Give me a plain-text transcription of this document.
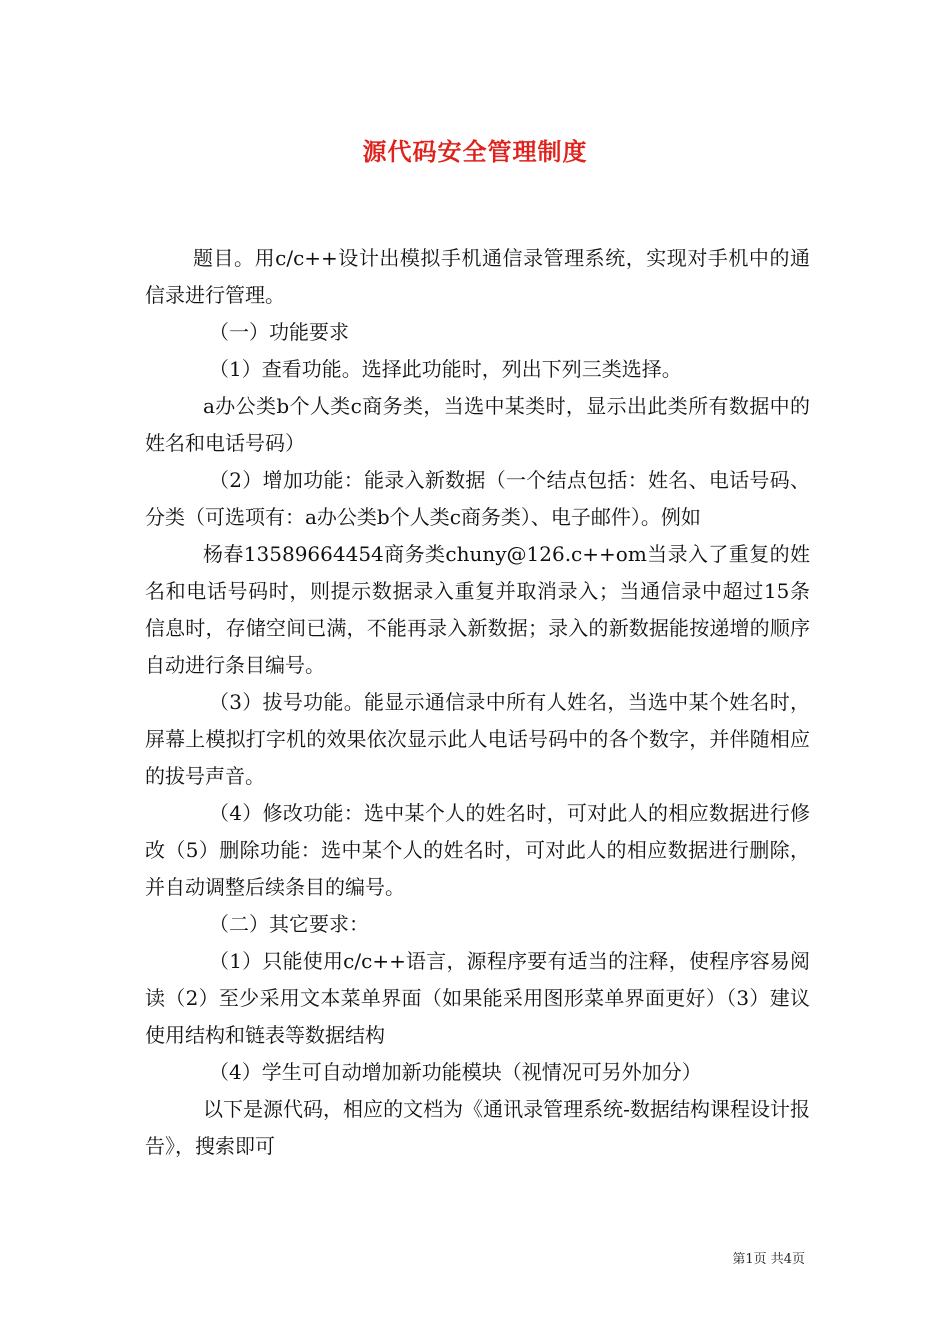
源代码安全管理制度

题目。用c/c++设计出模拟手机通信录管理系统，实现对手机中的通信录进行管理。

（一）功能要求

（1）查看功能。选择此功能时，列出下列三类选择。

a办公类b个人类c商务类，当选中某类时，显示出此类所有数据中的姓名和电话号码）

（2）增加功能：能录入新数据（一个结点包括：姓名、电话号码、分类（可选项有：a办公类b个人类c商务类）、电子邮件）。例如

杨春13589664454商务类chuny@126.c++om当录入了重复的姓名和电话号码时，则提示数据录入重复并取消录入；当通信录中超过15条信息时，存储空间已满，不能再录入新数据；录入的新数据能按递增的顺序自动进行条目编号。

（3）拔号功能。能显示通信录中所有人姓名，当选中某个姓名时，屏幕上模拟打字机的效果依次显示此人电话号码中的各个数字，并伴随相应的拔号声音。

（4）修改功能：选中某个人的姓名时，可对此人的相应数据进行修改（5）删除功能：选中某个人的姓名时，可对此人的相应数据进行删除，并自动调整后续条目的编号。

（二）其它要求：

（1）只能使用c/c++语言，源程序要有适当的注释，使程序容易阅读（2）至少采用文本菜单界面（如果能采用图形菜单界面更好）（3）建议使用结构和链表等数据结构

（4）学生可自动增加新功能模块（视情况可另外加分）

以下是源代码，相应的文档为《通讯录管理系统-数据结构课程设计报告》，搜索即可

第1页 共4页
